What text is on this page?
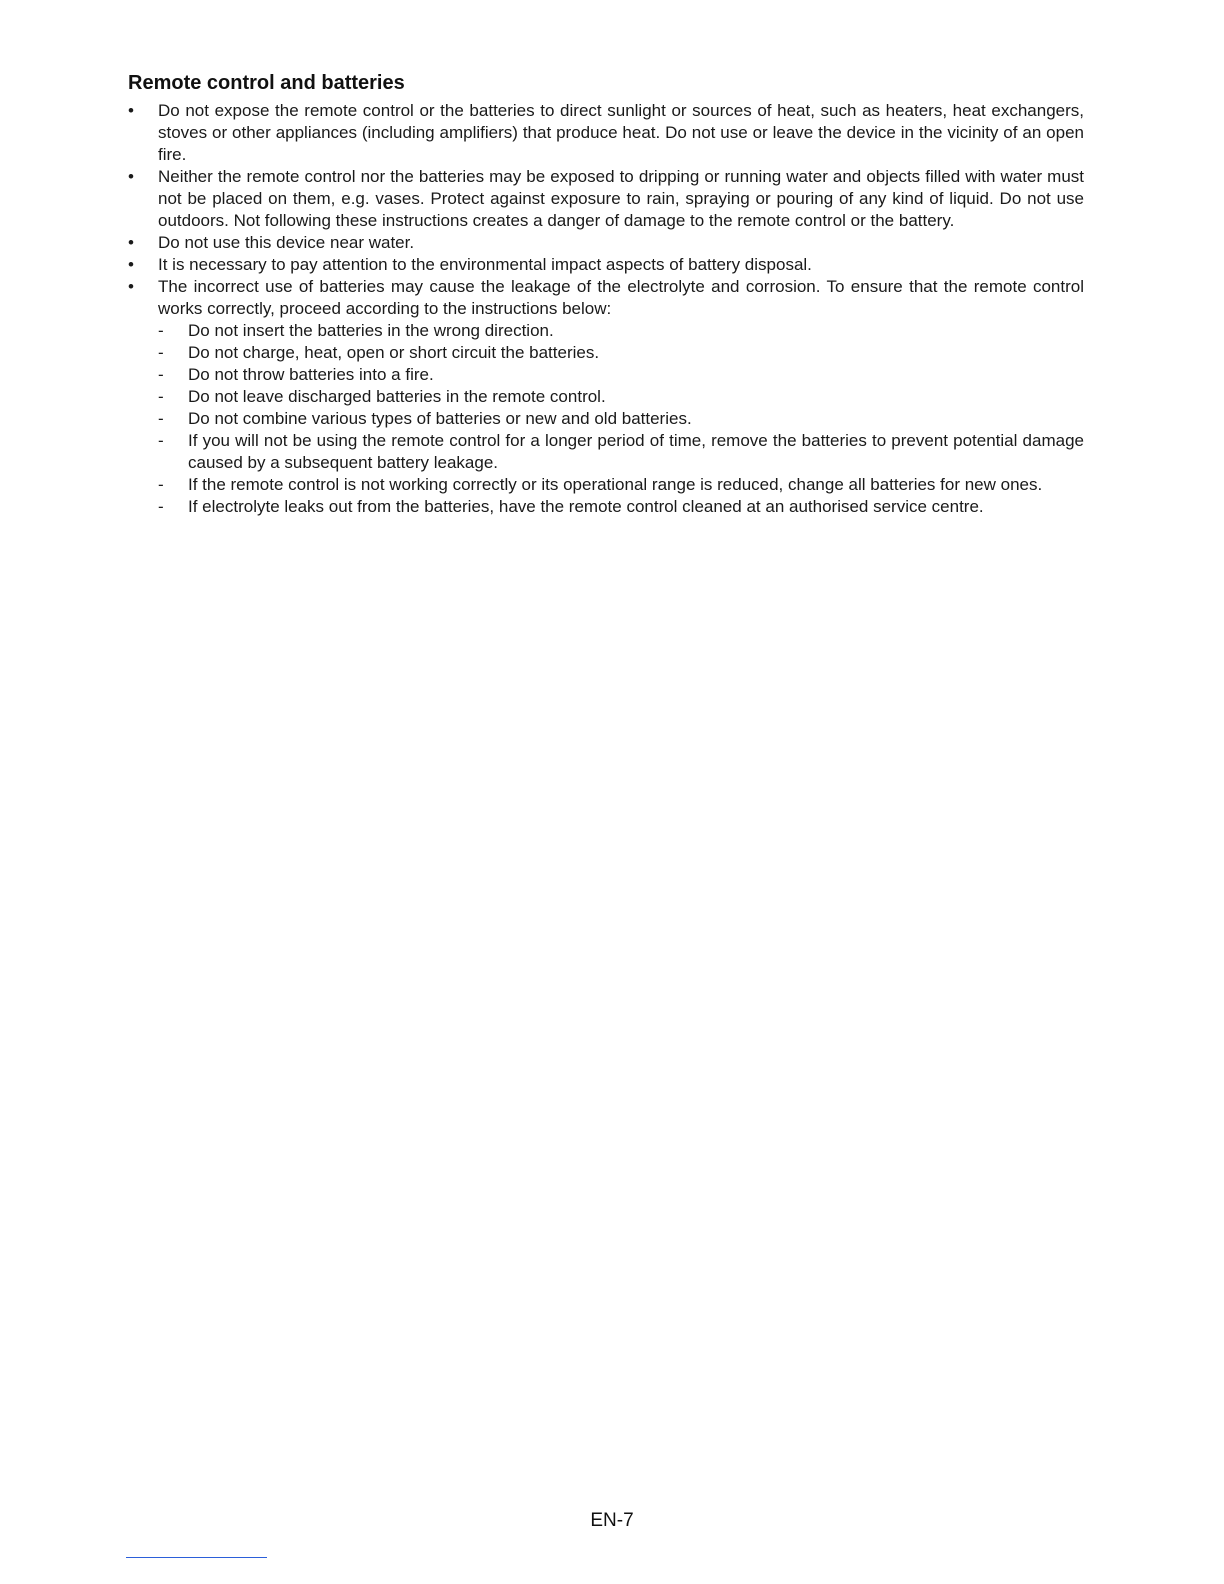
Remote control and batteries
•	Do not expose the remote control or the batteries to direct sunlight or sources of heat, such as heaters, heat exchangers, stoves or other appliances (including amplifiers) that produce heat. Do not use or leave the device in the vicinity of an open fire.
•	Neither the remote control nor the batteries may be exposed to dripping or running water and objects filled with water must not be placed on them, e.g. vases. Protect against exposure to rain, spraying or pouring of any kind of liquid. Do not use outdoors. Not following these instructions creates a danger of damage to the remote control or the battery.
•	Do not use this device near water.
•	It is necessary to pay attention to the environmental impact aspects of battery disposal.
•	The incorrect use of batteries may cause the leakage of the electrolyte and corrosion. To ensure that the remote control works correctly, proceed according to the instructions below:
-	Do not insert the batteries in the wrong direction.
-	Do not charge, heat, open or short circuit the batteries.
-	Do not throw batteries into a fire.
-	Do not leave discharged batteries in the remote control.
-	Do not combine various types of batteries or new and old batteries.
-	If you will not be using the remote control for a longer period of time, remove the batteries to prevent potential damage caused by a subsequent battery leakage.
-	If the remote control is not working correctly or its operational range is reduced, change all batteries for new ones.
-	If electrolyte leaks out from the batteries, have the remote control cleaned at an authorised service centre.
EN-7
